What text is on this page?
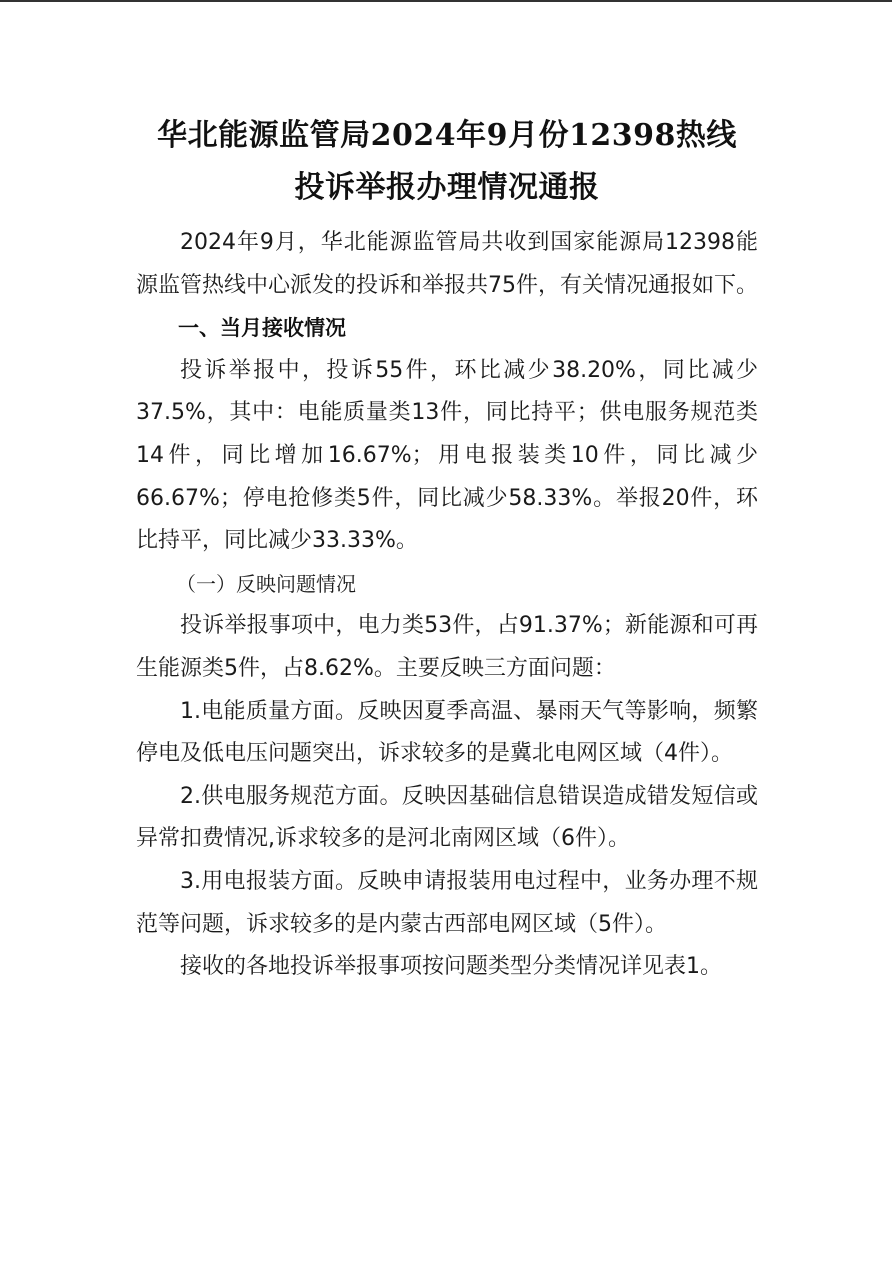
华北能源监管局2024年9月份12398热线
投诉举报办理情况通报

2024年9月，华北能源监管局共收到国家能源局12398能源监管热线中心派发的投诉和举报共75件，有关情况通报如下。

一、当月接收情况

投诉举报中，投诉55件，环比减少38.20%，同比减少37.5%，其中：电能质量类13件，同比持平；供电服务规范类14件，同比增加16.67%；用电报装类10件，同比减少66.67%；停电抢修类5件，同比减少58.33%。举报20件，环比持平，同比减少33.33%。

（一）反映问题情况

投诉举报事项中，电力类53件，占91.37%；新能源和可再生能源类5件，占8.62%。主要反映三方面问题：

1.电能质量方面。反映因夏季高温、暴雨天气等影响，频繁停电及低电压问题突出，诉求较多的是冀北电网区域（4件）。

2.供电服务规范方面。反映因基础信息错误造成错发短信或异常扣费情况,诉求较多的是河北南网区域（6件）。

3.用电报装方面。反映申请报装用电过程中，业务办理不规范等问题，诉求较多的是内蒙古西部电网区域（5件）。

接收的各地投诉举报事项按问题类型分类情况详见表1。
